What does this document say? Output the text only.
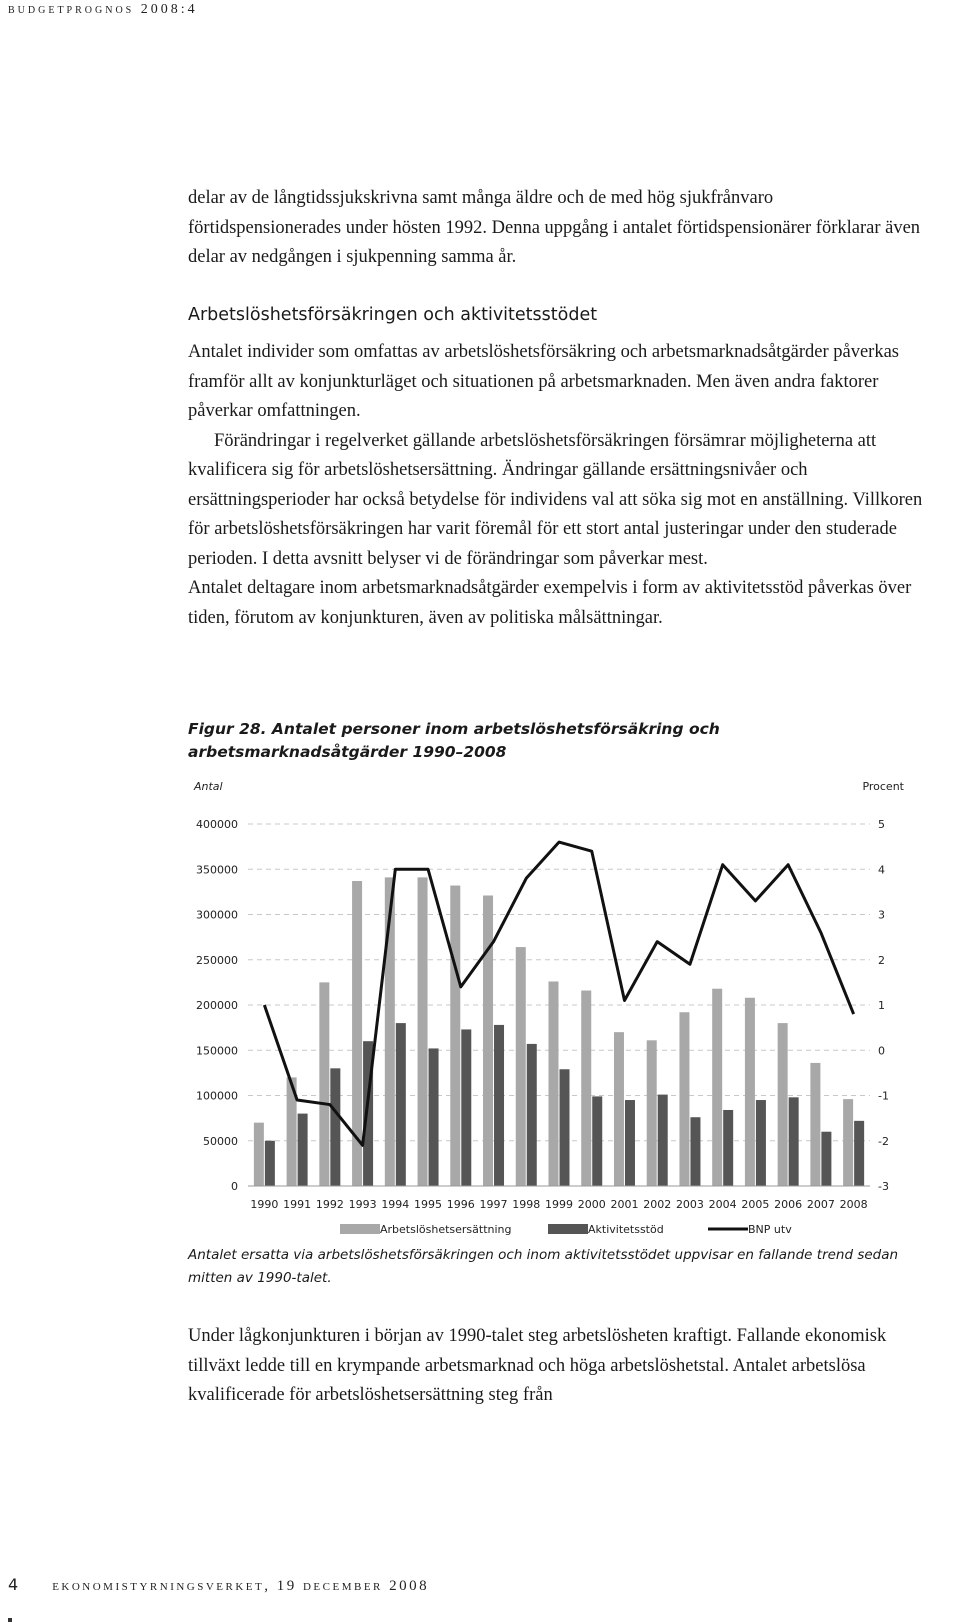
budgetprognos 2008:4

delar av de långtidssjukskrivna samt många äldre och de med hög sjukfrånvaro förtidspensionerades under hösten 1992. Denna uppgång i antalet förtidspensionärer förklarar även delar av nedgången i sjukpenning samma år.

Arbetslöshetsförsäkringen och aktivitetsstödet
Antalet individer som omfattas av arbetslöshetsförsäkring och arbetsmarknadsåtgärder påverkas framför allt av konjunkturläget och situationen på arbetsmarknaden. Men även andra faktorer påverkar omfattningen.
Förändringar i regelverket gällande arbetslöshetsförsäkringen försämrar möjligheterna att kvalificera sig för arbetslöshetsersättning. Ändringar gällande ersättningsnivåer och ersättningsperioder har också betydelse för individens val att söka sig mot en anställning. Villkoren för arbetslöshetsförsäkringen har varit föremål för ett stort antal justeringar under den studerade perioden. I detta avsnitt belyser vi de förändringar som påverkar mest.
Antalet deltagare inom arbetsmarknadsåtgärder exempelvis i form av aktivitetsstöd påverkas över tiden, förutom av konjunkturen, även av politiska målsättningar.

Figur 28. Antalet personer inom arbetslöshetsförsäkring och arbetsmarknadsåtgärder 1990–2008

0
50000
100000
150000
200000
250000
300000
350000
400000
-3
-2
-1
0
1
2
3
4
5
Antal	Procent
1990 1991 1992 1993 1994 1995 1996 1997 1998 1999 2000 2001 2002 2003 2004 2005 2006 2007 2008
Arbetslöshetsersättning	Aktivitetsstöd	BNP utv

Antalet ersatta via arbetslöshetsförsäkringen och inom aktivitetsstödet uppvisar en fallande trend sedan mitten av 1990-talet.

Under lågkonjunkturen i början av 1990-talet steg arbetslösheten kraftigt. Fallande ekonomisk tillväxt ledde till en krympande arbetsmarknad och höga arbetslöshetstal. Antalet arbetslösa kvalificerade för arbetslöshetsersättning steg från

4 ekonomistyrningsverket, 19 december 2008
